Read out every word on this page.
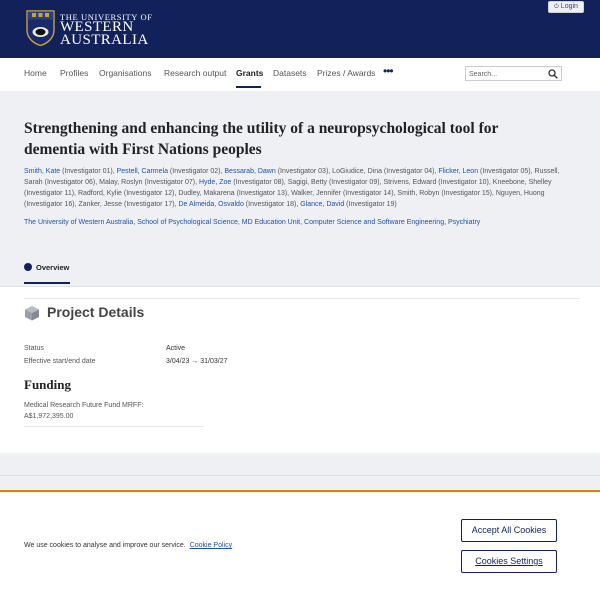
THE UNIVERSITY OF
WESTERN
AUSTRALIA
⏻ Login
Home Profiles Organisations Research output Grants Datasets Prizes / Awards •••
Search...
Strengthening and enhancing the utility of a neuropsychological tool for dementia with First Nations peoples
Smith, Kate (Investigator 01), Pestell, Carmela (Investigator 02), Bessarab, Dawn (Investigator 03), LoGiudice, Dina (Investigator 04), Flicker, Leon (Investigator 05), Russell, Sarah (Investigator 06), Malay, Roslyn (Investigator 07), Hyde, Zoe (Investigator 08), Sagigi, Betty (Investigator 09), Strivens, Edward (Investigator 10), Kneebone, Shelley (Investigator 11), Radford, Kylie (Investigator 12), Dudley, Makarena (Investigator 13), Walker, Jennifer (Investigator 14), Smith, Robyn (Investigator 15), Nguyen, Huong (Investigator 16), Zanker, Jesse (Investigator 17), De Almeida, Osvaldo (Investigator 18), Glance, David (Investigator 19)
The University of Western Australia, School of Psychological Science, MD Education Unit, Computer Science and Software Engineering, Psychiatry
Overview
Project Details
Status	Active
Effective start/end date	3/04/23 → 31/03/27
Funding
Medical Research Future Fund MRFF:
A$1,972,395.00
We use cookies to analyse and improve our service. Cookie Policy
Accept All Cookies
Cookies Settings
